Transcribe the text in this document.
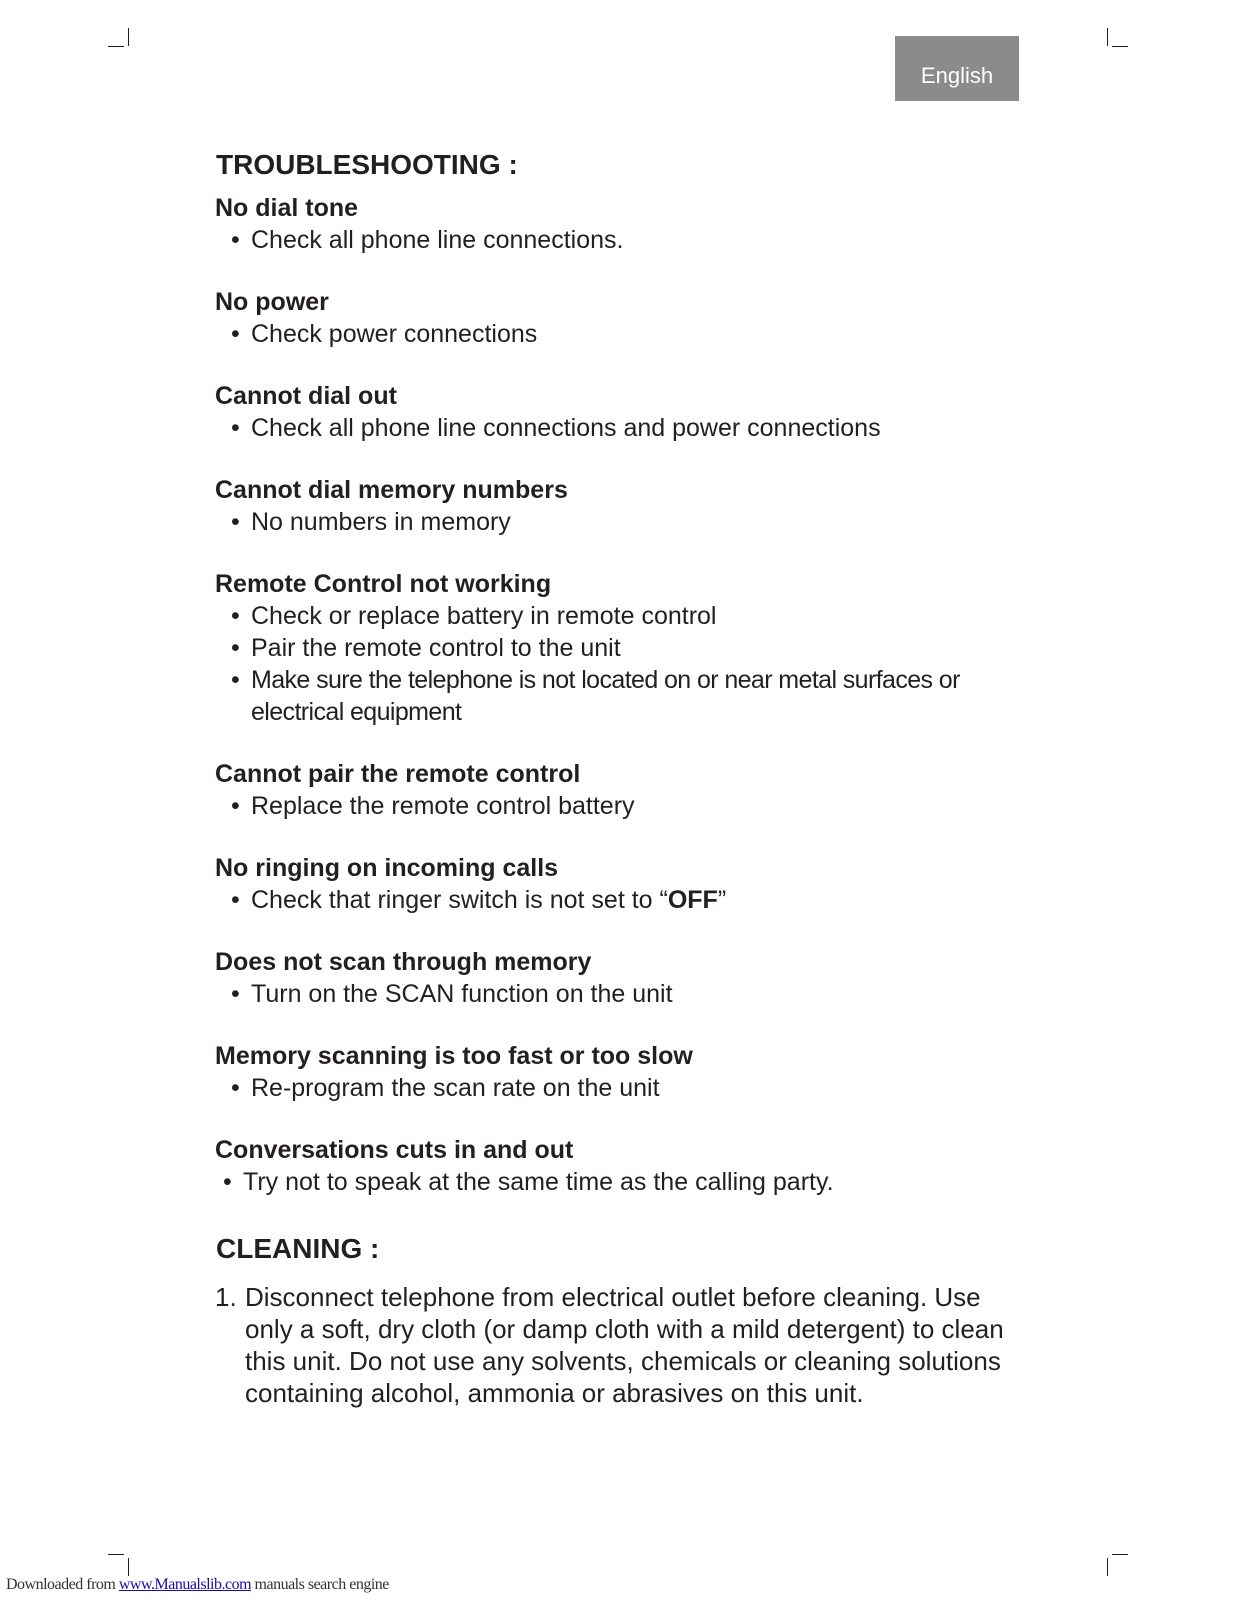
English
TROUBLESHOOTING :
No dial tone
• Check all phone line connections.
No power
• Check power connections
Cannot dial out
• Check all phone line connections and power connections
Cannot dial memory numbers
• No numbers in memory
Remote Control not working
• Check or replace battery in remote control
• Pair the remote control to the unit
• Make sure the telephone is not located on or near metal surfaces or electrical equipment
Cannot pair the remote control
• Replace the remote control battery
No ringing on incoming calls
• Check that ringer switch is not set to “OFF”
Does not scan through memory
• Turn on the SCAN function on the unit
Memory scanning is too fast or too slow
• Re-program the scan rate on the unit
Conversations cuts in and out
• Try not to speak at the same time as the calling party.
CLEANING :
1. Disconnect telephone from electrical outlet before cleaning. Use only a soft, dry cloth (or damp cloth with a mild detergent) to clean this unit. Do not use any solvents, chemicals or cleaning solutions containing alcohol, ammonia or abrasives on this unit.
Downloaded from www.Manualslib.com manuals search engine
